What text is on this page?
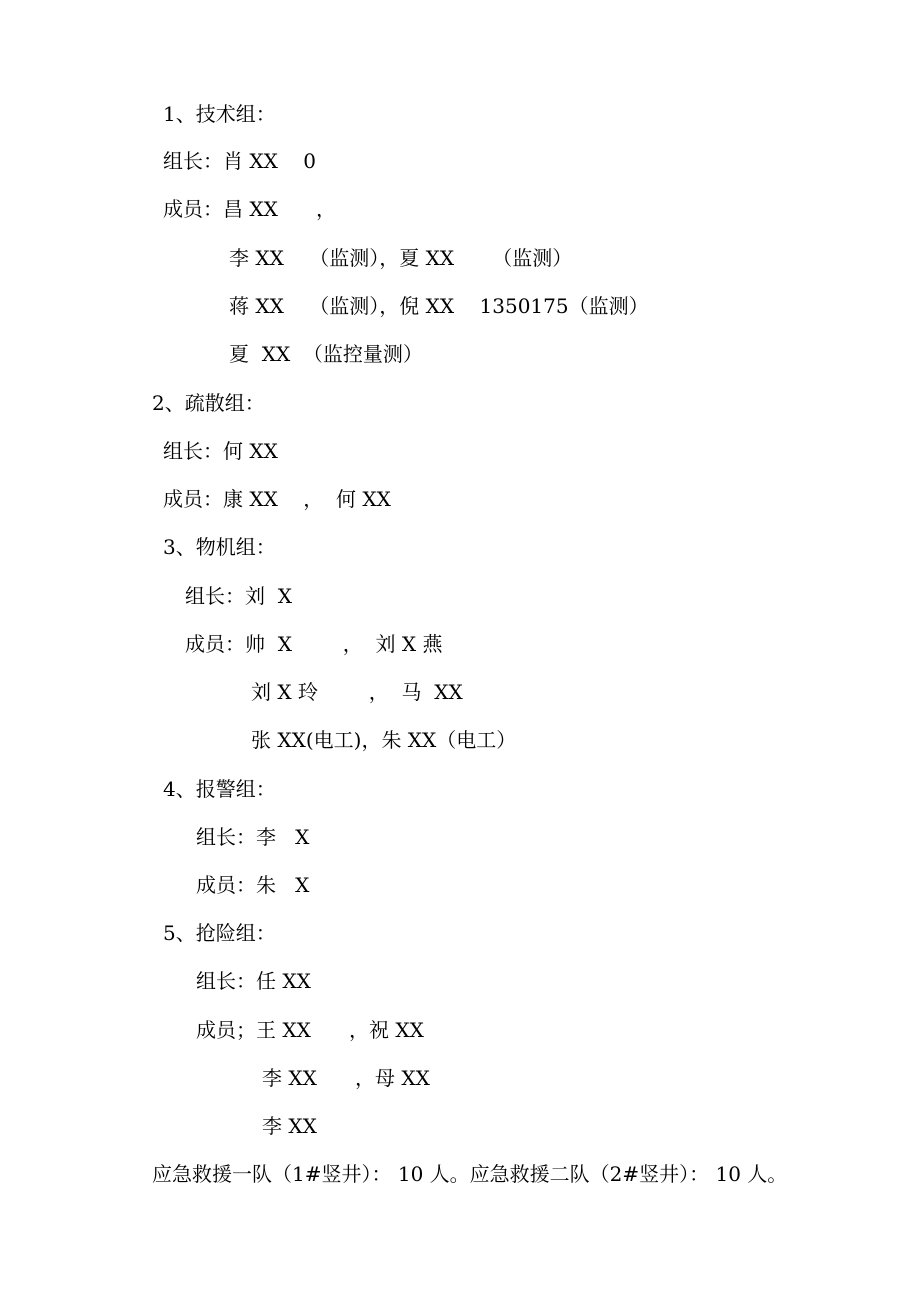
1、技术组：
组长：肖 XX    0
成员：昌 XX      ，
李 XX    （监测），夏 XX      （监测）
蒋 XX    （监测），倪 XX    1350175（监测）
夏  XX  （监控量测）
2、疏散组：
组长：何 XX
成员：康 XX    ，  何 XX
3、物机组：
组长：刘  X
成员：帅  X        ，  刘 X 燕
刘 X 玲        ，  马  XX
张 XX(电工)，朱 XX（电工）
4、报警组：
组长：李   X
成员：朱   X
5、抢险组：
组长：任 XX
成员；王 XX      ，祝 XX
李 XX      ，母 XX
李 XX
应急救援一队（1#竖井）： 10 人。应急救援二队（2#竖井）： 10 人。
